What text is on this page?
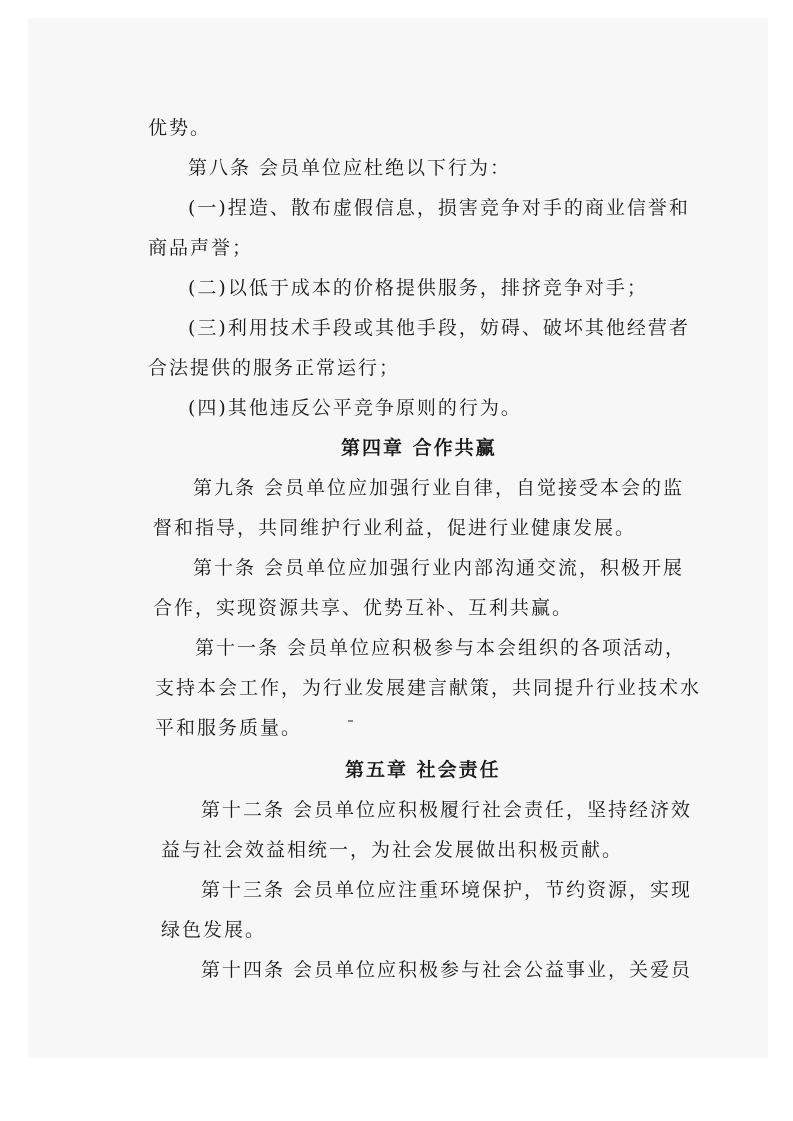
优势。
第八条 会员单位应杜绝以下行为：
(一)捏造、散布虚假信息，损害竞争对手的商业信誉和
商品声誉；
(二)以低于成本的价格提供服务，排挤竞争对手；
(三)利用技术手段或其他手段，妨碍、破坏其他经营者
合法提供的服务正常运行；
(四)其他违反公平竞争原则的行为。
第四章 合作共赢
第九条 会员单位应加强行业自律，自觉接受本会的监
督和指导，共同维护行业利益，促进行业健康发展。
第十条 会员单位应加强行业内部沟通交流，积极开展
合作，实现资源共享、优势互补、互利共赢。
第十一条 会员单位应积极参与本会组织的各项活动，
支持本会工作，为行业发展建言献策，共同提升行业技术水
平和服务质量。
第五章 社会责任
第十二条 会员单位应积极履行社会责任，坚持经济效
益与社会效益相统一，为社会发展做出积极贡献。
第十三条 会员单位应注重环境保护，节约资源，实现
绿色发展。
第十四条 会员单位应积极参与社会公益事业，关爱员
